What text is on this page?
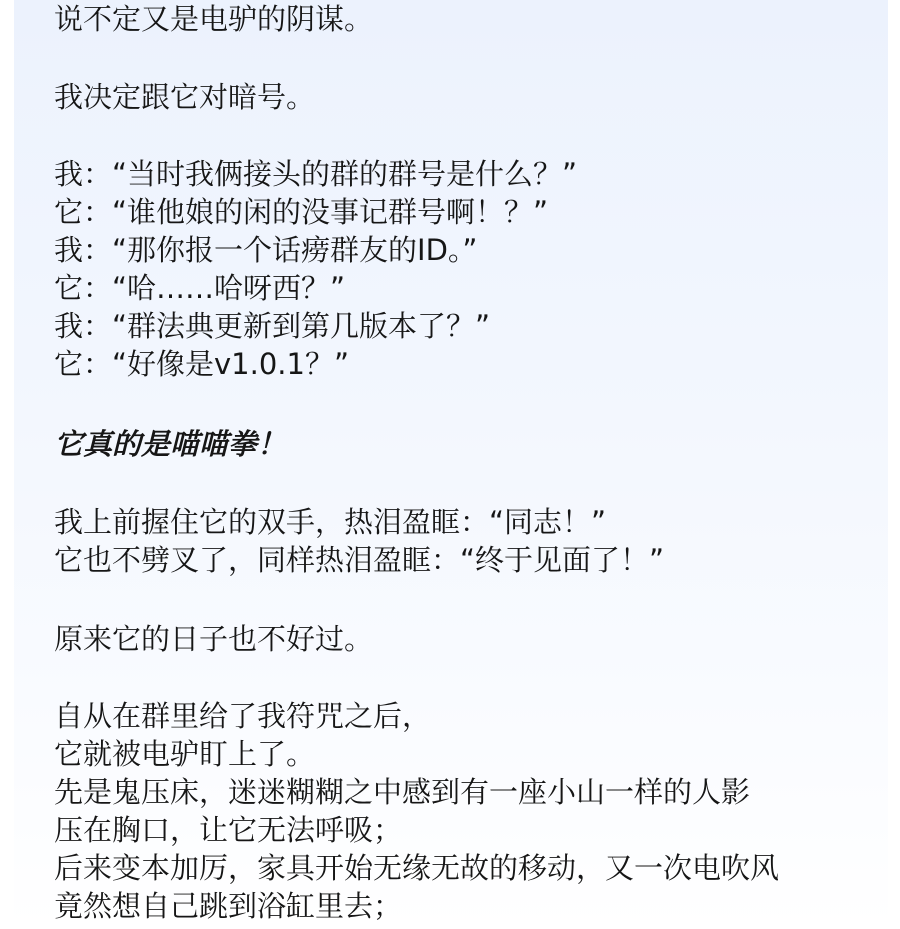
说不定又是电驴的阴谋。
我决定跟它对暗号。
我：“当时我俩接头的群的群号是什么？”
它：“谁他娘的闲的没事记群号啊！？”
我：“那你报一个话痨群友的ID。”
它：“哈……哈呀西？”
我：“群法典更新到第几版本了？”
它：“好像是v1.0.1？”
它真的是喵喵拳！
我上前握住它的双手，热泪盈眶：“同志！”
它也不劈叉了，同样热泪盈眶：“终于见面了！”
原来它的日子也不好过。
自从在群里给了我符咒之后，
它就被电驴盯上了。
先是鬼压床，迷迷糊糊之中感到有一座小山一样的人影
压在胸口，让它无法呼吸；
后来变本加厉，家具开始无缘无故的移动，又一次电吹风
竟然想自己跳到浴缸里去；
